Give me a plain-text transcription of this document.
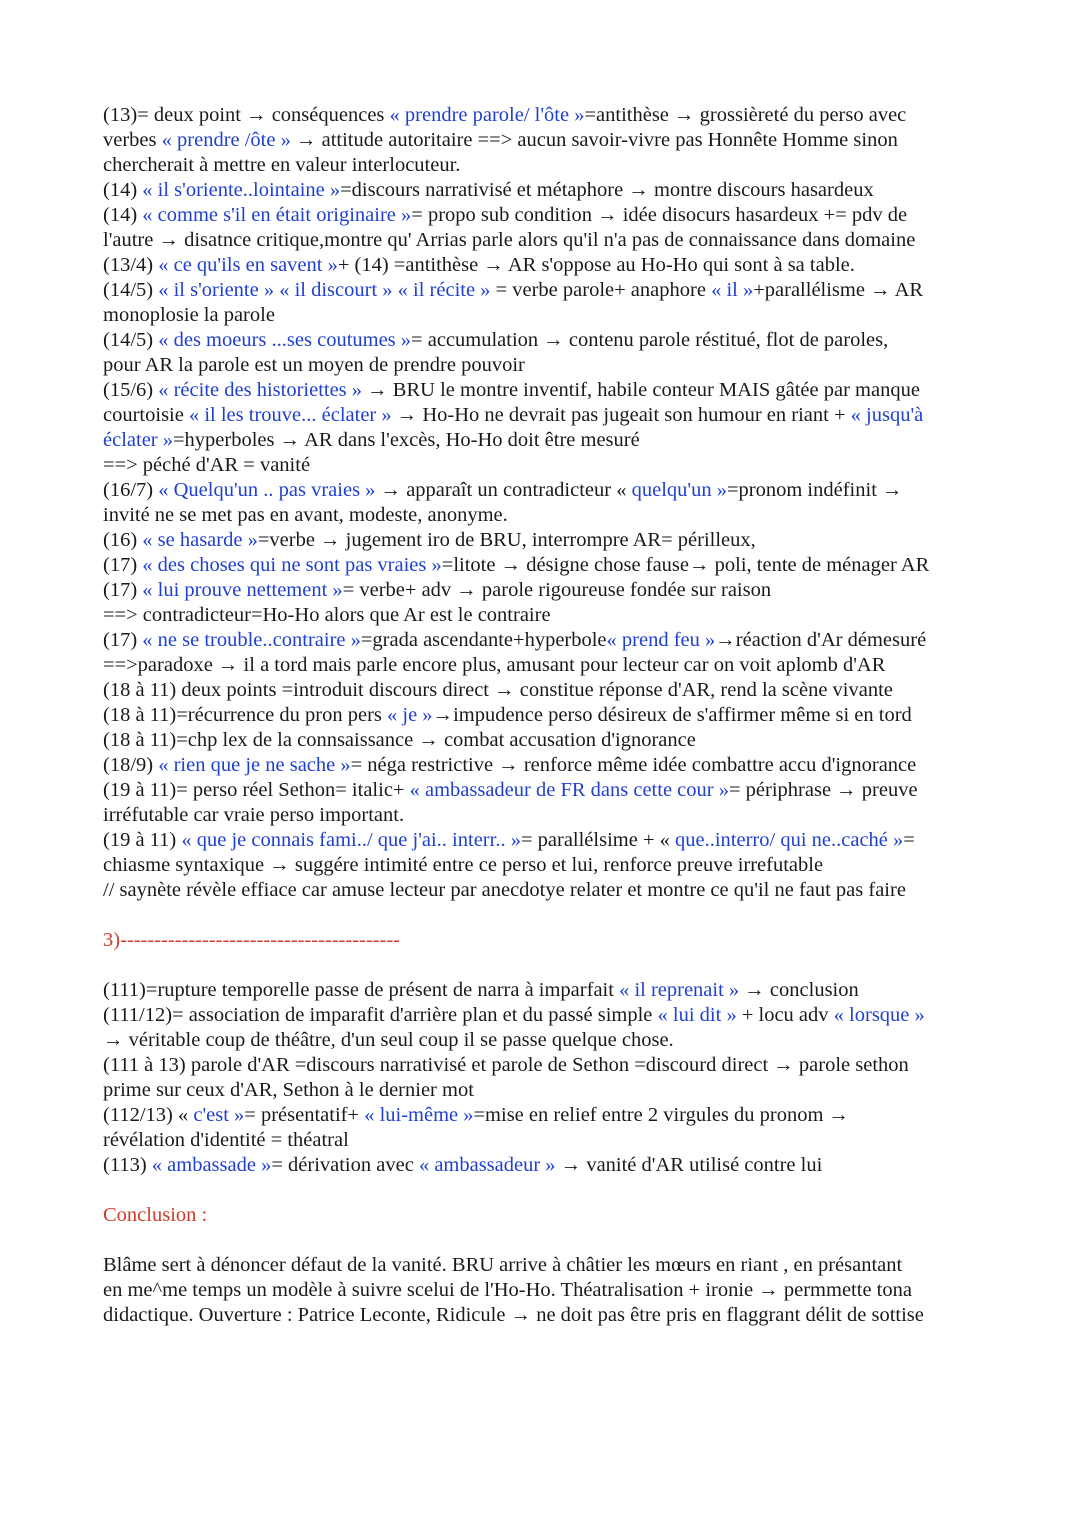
(13)= deux point → conséquences « prendre parole/ l'ôte »=antithèse → grossièreté du perso avec
verbes « prendre /ôte » → attitude autoritaire ==> aucun savoir-vivre pas Honnête Homme sinon
chercherait à mettre en valeur interlocuteur.
(14) « il s'oriente..lointaine »=discours narrativisé et métaphore → montre discours hasardeux
(14) « comme s'il en était originaire »= propo sub condition → idée disocurs hasardeux += pdv de
l'autre → disatnce critique,montre qu' Arrias parle alors qu'il n'a pas de connaissance dans domaine
(13/4) « ce qu'ils en savent »+ (14) =antithèse → AR s'oppose au Ho-Ho qui sont à sa table.
(14/5) « il s'oriente » « il discourt » « il récite » = verbe parole+ anaphore « il »+parallélisme → AR
monoplosie la parole
(14/5) « des moeurs ...ses coutumes »= accumulation → contenu parole réstitué, flot de paroles,
pour AR la parole est un moyen de prendre pouvoir
(15/6) « récite des historiettes » → BRU le montre inventif, habile conteur MAIS gâtée par manque
courtoisie « il les trouve... éclater » → Ho-Ho ne devrait pas jugeait son humour en riant + « jusqu'à
éclater »=hyperboles → AR dans l'excès, Ho-Ho doit être mesuré
==> péché d'AR = vanité
(16/7) « Quelqu'un .. pas vraies » → apparaît un contradicteur « quelqu'un »=pronom indéfinit →
invité ne se met pas en avant, modeste, anonyme.
(16) « se hasarde »=verbe → jugement iro de BRU, interrompre AR= périlleux,
(17) « des choses qui ne sont pas vraies »=litote → désigne chose fause→ poli, tente de ménager AR
(17) « lui prouve nettement »= verbe+ adv → parole rigoureuse fondée sur raison
==> contradicteur=Ho-Ho alors que Ar est le contraire
(17) « ne se trouble..contraire »=grada ascendante+hyperbole« prend feu »→réaction d'Ar démesuré
==>paradoxe → il a tord mais parle encore plus, amusant pour lecteur car on voit aplomb d'AR
(18 à 11) deux points =introduit discours direct → constitue réponse d'AR, rend la scène vivante
(18 à 11)=récurrence du pron pers « je »→impudence perso désireux de s'affirmer même si en tord
(18 à 11)=chp lex de la connsaissance → combat accusation d'ignorance
(18/9) « rien que je ne sache »= néga restrictive → renforce même idée combattre accu d'ignorance
(19 à 11)= perso réel Sethon= italic+ « ambassadeur de FR dans cette cour »= périphrase → preuve
irréfutable car vraie perso important.
(19 à 11) « que je connais fami../ que j'ai.. interr.. »= parallélsime + « que..interro/ qui ne..caché »=
chiasme syntaxique → suggére intimité entre ce perso et lui, renforce preuve irrefutable
// saynète révèle effiace car amuse lecteur par anecdotye relater et montre ce qu'il ne faut pas faire
3)-----------------------------------------
(111)=rupture temporelle passe de présent de narra à imparfait « il reprenait » → conclusion
(111/12)= association de imparafit d'arrière plan et du passé simple « lui dit » + locu adv « lorsque »
→ véritable coup de théâtre, d'un seul coup il se passe quelque chose.
(111 à 13) parole d'AR =discours narrativisé et parole de Sethon =discourd direct → parole sethon
prime sur ceux d'AR, Sethon à le dernier mot
(112/13) « c'est »= présentatif+ « lui-même »=mise en relief entre 2 virgules du pronom →
révélation d'identité = théatral
(113) « ambassade »= dérivation avec « ambassadeur » → vanité d'AR utilisé contre lui
Conclusion :
Blâme sert à dénoncer défaut de la vanité. BRU arrive à châtier les mœurs en riant , en présantant
en me^me temps un modèle à suivre scelui de l'Ho-Ho. Théatralisation + ironie → permmette tona
didactique. Ouverture : Patrice Leconte, Ridicule → ne doit pas être pris en flaggrant délit de sottise
